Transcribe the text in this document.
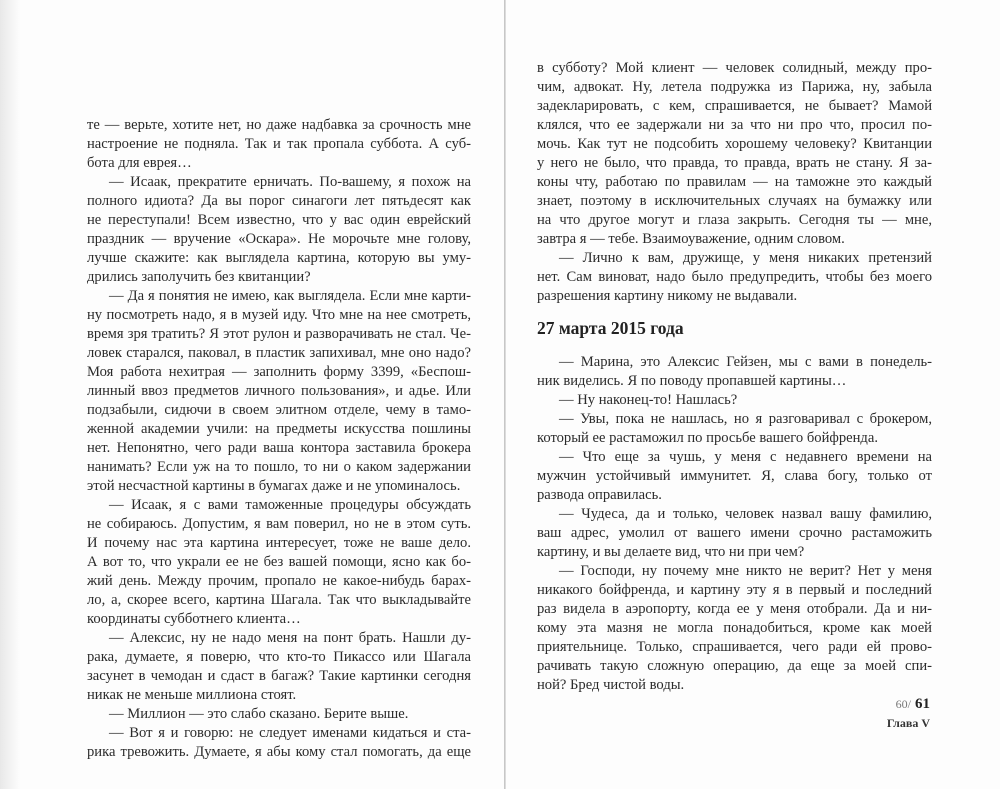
те — верьте, хотите нет, но даже надбавка за срочность мне
настроение не подняла. Так и так пропала суббота. А суб-
бота для еврея…
— Исаак, прекратите ерничать. По-вашему, я похож на
полного идиота? Да вы порог синагоги лет пятьдесят как
не переступали! Всем известно, что у вас один еврейский
праздник — вручение «Оскара». Не морочьте мне голову,
лучше скажите: как выглядела картина, которую вы уму-
дрились заполучить без квитанции?
— Да я понятия не имею, как выглядела. Если мне карти-
ну посмотреть надо, я в музей иду. Что мне на нее смотреть,
время зря тратить? Я этот рулон и разворачивать не стал. Че-
ловек старался, паковал, в пластик запихивал, мне оно надо?
Моя работа нехитрая — заполнить форму 3399, «Беспош-
линный ввоз предметов личного пользования», и адье. Или
подзабыли, сидючи в своем элитном отделе, чему в тамо-
женной академии учили: на предметы искусства пошлины
нет. Непонятно, чего ради ваша контора заставила брокера
нанимать? Если уж на то пошло, то ни о каком задержании
этой несчастной картины в бумагах даже и не упоминалось.
— Исаак, я с вами таможенные процедуры обсуждать
не собираюсь. Допустим, я вам поверил, но не в этом суть.
И почему нас эта картина интересует, тоже не ваше дело.
А вот то, что украли ее не без вашей помощи, ясно как бо-
жий день. Между прочим, пропало не какое-нибудь барах-
ло, а, скорее всего, картина Шагала. Так что выкладывайте
координаты субботнего клиента…
— Алексис, ну не надо меня на понт брать. Нашли ду-
рака, думаете, я поверю, что кто-то Пикассо или Шагала
засунет в чемодан и сдаст в багаж? Такие картинки сегодня
никак не меньше миллиона стоят.
— Миллион — это слабо сказано. Берите выше.
— Вот я и говорю: не следует именами кидаться и ста-
рика тревожить. Думаете, я абы кому стал помогать, да еще
в субботу? Мой клиент — человек солидный, между про-
чим, адвокат. Ну, летела подружка из Парижа, ну, забыла
задекларировать, с кем, спрашивается, не бывает? Мамой
клялся, что ее задержали ни за что ни про что, просил по-
мочь. Как тут не подсобить хорошему человеку? Квитанции
у него не было, что правда, то правда, врать не стану. Я за-
коны чту, работаю по правилам — на таможне это каждый
знает, поэтому в исключительных случаях на бумажку или
на что другое могут и глаза закрыть. Сегодня ты — мне,
завтра я — тебе. Взаимоуважение, одним словом.
— Лично к вам, дружище, у меня никаких претензий
нет. Сам виноват, надо было предупредить, чтобы без моего
разрешения картину никому не выдавали.
27 марта 2015 года
— Марина, это Алексис Гейзен, мы с вами в понедель-
ник виделись. Я по поводу пропавшей картины…
— Ну наконец-то! Нашлась?
— Увы, пока не нашлась, но я разговаривал с брокером,
который ее растаможил по просьбе вашего бойфренда.
— Что еще за чушь, у меня с недавнего времени на
мужчин устойчивый иммунитет. Я, слава богу, только от
развода оправилась.
— Чудеса, да и только, человек назвал вашу фамилию,
ваш адрес, умолил от вашего имени срочно растаможить
картину, и вы делаете вид, что ни при чем?
— Господи, ну почему мне никто не верит? Нет у меня
никакого бойфренда, и картину эту я в первый и последний
раз видела в аэропорту, когда ее у меня отобрали. Да и ни-
кому эта мазня не могла понадобиться, кроме как моей
приятельнице. Только, спрашивается, чего ради ей прово-
рачивать такую сложную операцию, да еще за моей спи-
ной? Бред чистой воды.
60/ 61
Глава V
